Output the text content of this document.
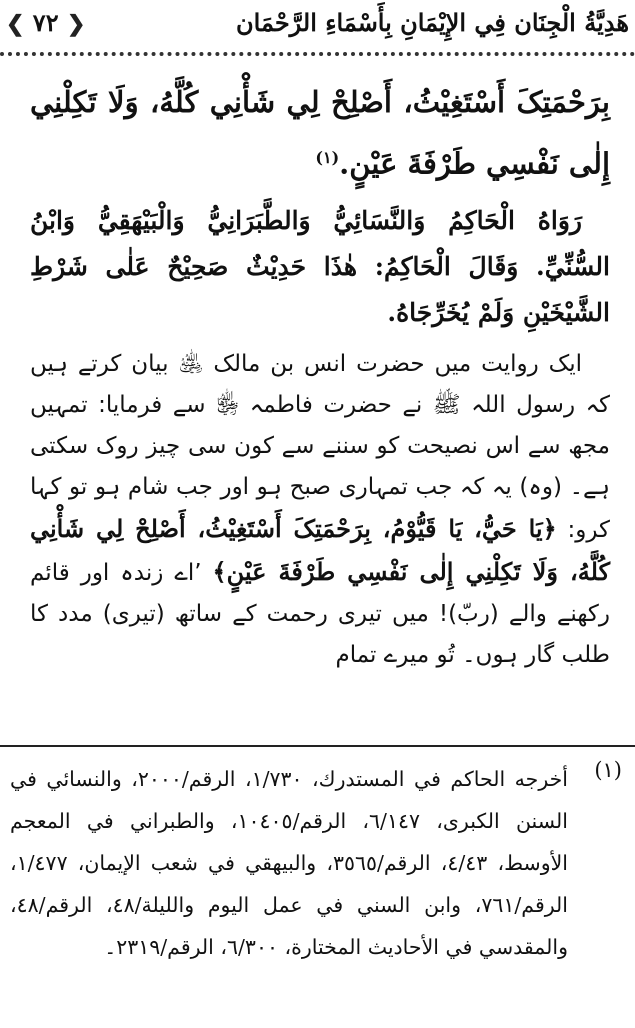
هَدِيَّةُ الْجِنَان فِي الإِيْمَانِ بِأَسْمَاءِ الرَّحْمَان
❮ ٧٢ ❯

بِرَحْمَتِکَ أَسْتَغِيْثُ، أَصْلِحْ لِي شَأْنِي كُلَّهُ، وَلَا تَكِلْنِي إِلٰى نَفْسِي طَرْفَةَ عَيْنٍ.$^{(١)}$

رَوَاهُ الْحَاكِمُ وَالنَّسَائِيُّ وَالطَّبَرَانِيُّ وَالْبَيْهَقِيُّ وَابْنُ السُّنِّيِّ. وَقَالَ الْحَاكِمُ: هٰذَا حَدِيْثٌ صَحِيْحٌ عَلٰى شَرْطِ الشَّيْخَيْنِ وَلَمْ يُخَرِّجَاهُ.

ایک روایت میں حضرت انس بن مالک ﵁ بیان کرتے ہیں کہ رسول اللہ ﷺ نے حضرت فاطمہ ﵂ سے فرمایا: تمہیں مجھ سے اس نصیحت کو سننے سے کون سی چیز روک سکتی ہے۔ (وہ) یہ کہ جب تمہاری صبح ہو اور جب شام ہو تو کہا کرو: ﴿يَا حَيُّ، يَا قَيُّوْمُ، بِرَحْمَتِکَ أَسْتَغِيْثُ، أَصْلِحْ لِي شَأْنِي كُلَّهُ، وَلَا تَكِلْنِي إِلٰى نَفْسِي طَرْفَةَ عَيْنٍ﴾ ’اے زندہ اور قائم رکھنے والے (ربّ)! میں تیری رحمت کے ساتھ (تیری) مدد کا طلب گار ہوں۔ تُو میرے تمام

(١)
أخرجه الحاكم في المستدرك، ١/٧٣٠، الرقم/٢٠٠٠، والنسائي في السنن الكبرى، ٦/١٤٧، الرقم/١٠٤٠٥، والطبراني في المعجم الأوسط، ٤/٤٣، الرقم/٣٥٦٥، والبيهقي في شعب الإيمان، ١/٤٧٧، الرقم/٧٦١، وابن السني في عمل اليوم والليلة/٤٨، الرقم/٤٨، والمقدسي في الأحاديث المختارة، ٦/٣٠٠، الرقم/٢٣١٩۔
